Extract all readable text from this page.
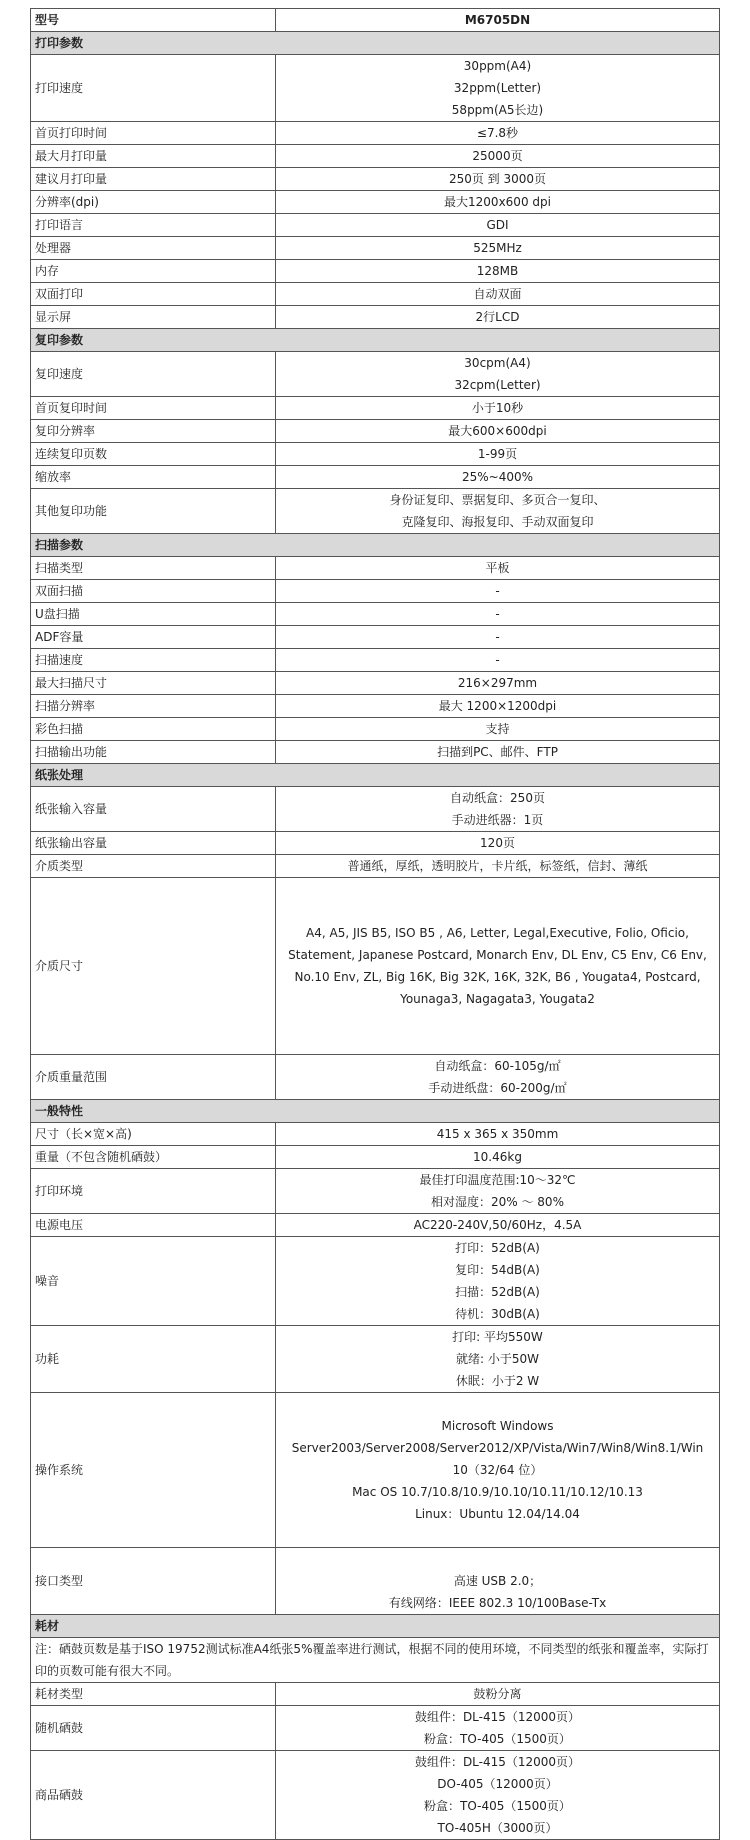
型号	M6705DN
打印参数	
打印速度	30ppm(A4)
32ppm(Letter)
58ppm(A5长边)

首页打印时间	≤7.8秒

最大月打印量	25000页

建议月打印量	250页 到 3000页

分辨率(dpi)	最大1200x600 dpi

打印语言	GDI

处理器	525MHz

内存	128MB

双面打印	自动双面

显示屏	2行LCD

复印参数	
复印速度	30cpm(A4)
32cpm(Letter)

首页复印时间	小于10秒

复印分辨率	最大600×600dpi

连续复印页数	1-99页

缩放率	25%~400%

其他复印功能	身份证复印、票据复印、多页合一复印、
克隆复印、海报复印、手动双面复印

扫描参数	
扫描类型	平板

双面扫描	-

U盘扫描	-

ADF容量	-

扫描速度	-

最大扫描尺寸	216×297mm

扫描分辨率	最大 1200×1200dpi

彩色扫描	支持

扫描输出功能	扫描到PC、邮件、FTP

纸张处理	
纸张输入容量	自动纸盒：250页
手动进纸器：1页

纸张输出容量	120页

介质类型	普通纸，厚纸，透明胶片，卡片纸，标签纸，信封、薄纸

介质尺寸	A4, A5, JIS B5, ISO B5 , A6, Letter, Legal,Executive, Folio, Oficio,
Statement, Japanese Postcard, Monarch Env, DL Env, C5 Env, C6 Env,
No.10 Env, ZL, Big 16K, Big 32K, 16K, 32K, B6 , Yougata4, Postcard,
Younaga3, Nagagata3, Yougata2

介质重量范围	自动纸盒：60-105g/㎡
手动进纸盘：60-200g/㎡

一般特性	
尺寸（长×宽×高)	415 x 365 x 350mm

重量（不包含随机硒鼓）	10.46kg

打印环境	最佳打印温度范围:10～32℃
相对湿度：20% ～ 80%

电源电压	AC220-240V,50/60Hz，4.5A

噪音	打印：52dB(A)
复印：54dB(A)
扫描：52dB(A)
待机：30dB(A)

功耗	打印: 平均550W
就绪: 小于50W
休眠：小于2 W

操作系统	Microsoft Windows
Server2003/Server2008/Server2012/XP/Vista/Win7/Win8/Win8.1/Win
10（32/64 位）
Mac OS 10.7/10.8/10.9/10.10/10.11/10.12/10.13
Linux：Ubuntu 12.04/14.04

接口类型	高速 USB 2.0；
有线网络：IEEE 802.3 10/100Base-Tx

耗材	
注：硒鼓页数是基于ISO 19752测试标准A4纸张5%覆盖率进行测试，根据不同的使用环境，不同类型的纸张和覆盖率，实际打印的页数可能有很大不同。	
耗材类型	鼓粉分离

随机硒鼓	鼓组件：DL-415（12000页）
粉盒：TO-405（1500页）

商品硒鼓	鼓组件：DL-415（12000页）
DO-405（12000页）
粉盒：TO-405（1500页）
TO-405H（3000页）
